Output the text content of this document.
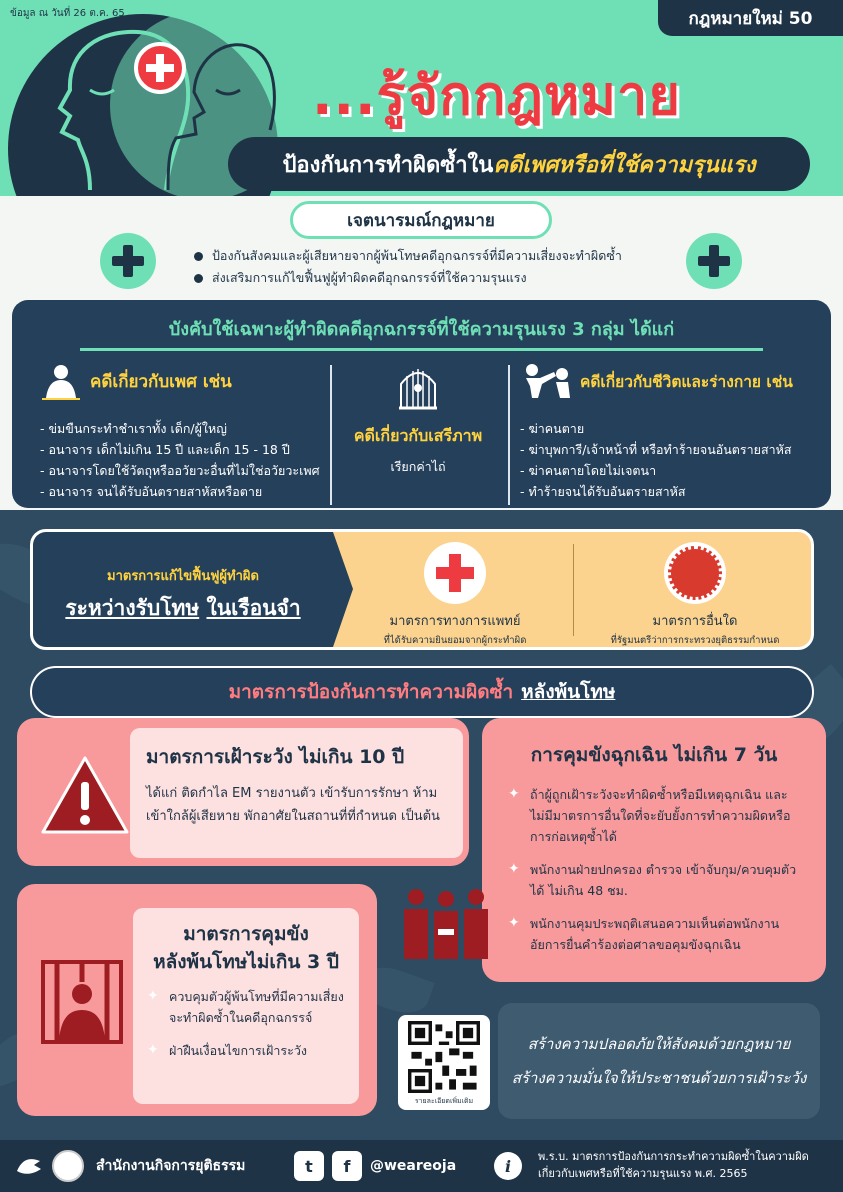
ข้อมูล ณ วันที่ 26 ต.ค. 65	กฎหมายใหม่ 50
...รู้จักกฎหมาย
ป้องกันการทำผิดซ้ำใน คดีเพศหรือที่ใช้ความรุนแรง
เจตนารมณ์กฎหมาย
ป้องกันสังคมและผู้เสียหายจากผู้พ้นโทษคดีอุกฉกรรจ์ที่มีความเสี่ยงจะทำผิดซ้ำ
ส่งเสริมการแก้ไขฟื้นฟูผู้ทำผิดคดีอุกฉกรรจ์ที่ใช้ความรุนแรง
บังคับใช้เฉพาะผู้ทำผิดคดีอุกฉกรรจ์ที่ใช้ความรุนแรง 3 กลุ่ม ได้แก่
คดีเกี่ยวกับเพศ เช่น
- ข่มขืนกระทำชำเราทั้ง เด็ก/ผู้ใหญ่
- อนาจาร เด็กไม่เกิน 15 ปี และเด็ก 15 - 18 ปี
- อนาจารโดยใช้วัตถุหรืออวัยวะอื่นที่ไม่ใช่อวัยวะเพศ
- อนาจาร จนได้รับอันตรายสาหัสหรือตาย
คดีเกี่ยวกับเสรีภาพ
เรียกค่าไถ่
คดีเกี่ยวกับชีวิตและร่างกาย เช่น
- ฆ่าคนตาย
- ฆ่าบุพการี/เจ้าหน้าที่ หรือทำร้ายจนอันตรายสาหัส
- ฆ่าคนตายโดยไม่เจตนา
- ทำร้ายจนได้รับอันตรายสาหัส
มาตรการแก้ไขฟื้นฟูผู้ทำผิด
ระหว่างรับโทษ ในเรือนจำ
มาตรการทางการแพทย์
ที่ได้รับความยินยอมจากผู้กระทำผิด
มาตรการอื่นใด
ที่รัฐมนตรีว่าการกระทรวงยุติธรรมกำหนด
มาตรการป้องกันการทำความผิดซ้ำ หลังพ้นโทษ
มาตรการเฝ้าระวัง ไม่เกิน 10 ปี
ได้แก่ ติดกำไล EM รายงานตัว เข้ารับการรักษา ห้ามเข้าใกล้ผู้เสียหาย พักอาศัยในสถานที่ที่กำหนด เป็นต้น
การคุมขังฉุกเฉิน ไม่เกิน 7 วัน
✦ ถ้าผู้ถูกเฝ้าระวังจะทำผิดซ้ำหรือมีเหตุฉุกเฉิน และไม่มีมาตรการอื่นใดที่จะยับยั้งการทำความผิดหรือการก่อเหตุซ้ำได้
✦ พนักงานฝ่ายปกครอง ตำรวจ เข้าจับกุม/ควบคุมตัวได้ ไม่เกิน 48 ชม.
✦ พนักงานคุมประพฤติเสนอความเห็นต่อพนักงานอัยการยื่นคำร้องต่อศาลขอคุมขังฉุกเฉิน
มาตรการคุมขัง
หลังพ้นโทษไม่เกิน 3 ปี
✦ ควบคุมตัวผู้พ้นโทษที่มีความเสี่ยงจะทำผิดซ้ำในคดีอุกฉกรรจ์
✦ ฝ่าฝืนเงื่อนไขการเฝ้าระวัง
รายละเอียดเพิ่มเติม
สร้างความปลอดภัยให้สังคมด้วยกฎหมาย
สร้างความมั่นใจให้ประชาชนด้วยการเฝ้าระวัง
สำนักงานกิจการยุติธรรม	t	f	@weareoja	i	พ.ร.บ. มาตรการป้องกันการกระทำความผิดซ้ำในความผิด
เกี่ยวกับเพศหรือที่ใช้ความรุนแรง พ.ศ. 2565
